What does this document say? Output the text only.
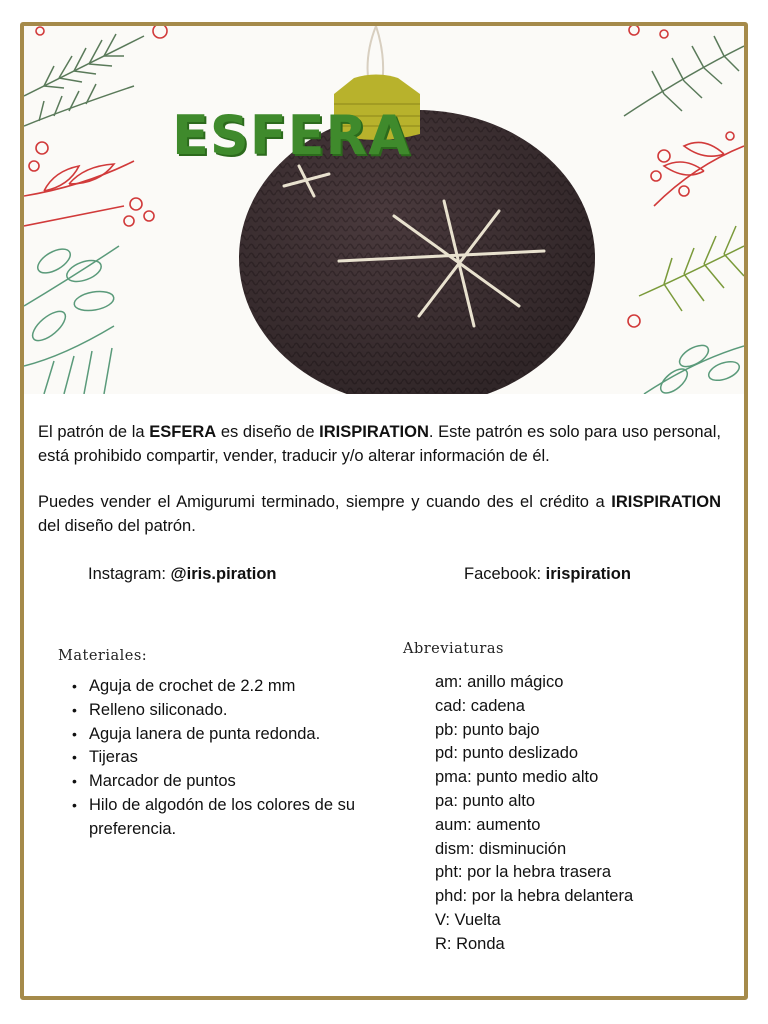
ESFERA

El patrón de la ESFERA es diseño de IRISPIRATION. Este patrón es solo para uso personal, está prohibido compartir, vender, traducir y/o alterar información de él.

Puedes vender el Amigurumi terminado, siempre y cuando des el crédito a IRISPIRATION del diseño del patrón.

Instagram: @iris.piration	Facebook: irispiration
Materiales:
• Aguja de crochet de 2.2 mm
• Relleno siliconado.
• Aguja lanera de punta redonda.
• Tijeras
• Marcador de puntos
• Hilo de algodón de los colores de su preferencia.
Abreviaturas
am: anillo mágico
cad: cadena
pb: punto bajo
pd: punto deslizado
pma: punto medio alto
pa: punto alto
aum: aumento
dism: disminución
pht: por la hebra trasera
phd: por la hebra delantera
V: Vuelta
R: Ronda
